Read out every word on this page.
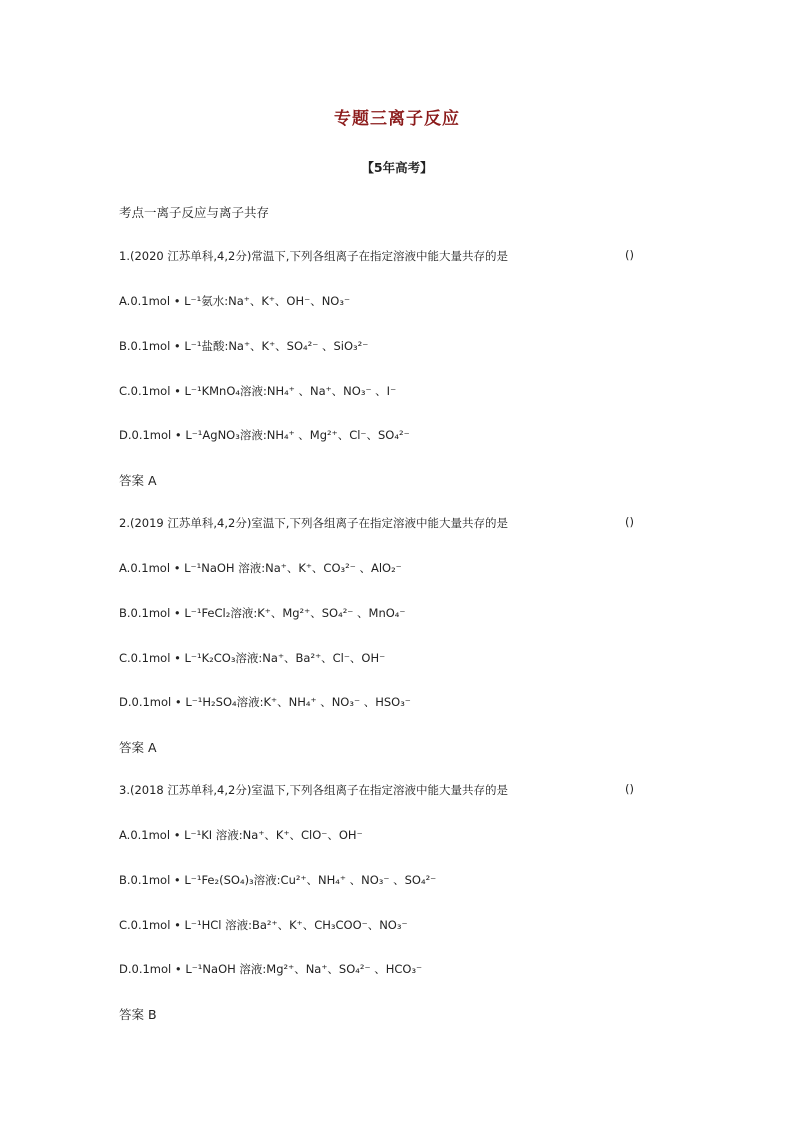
专题三离子反应
【5年高考】
考点一离子反应与离子共存
1.(2020 江苏单科,4,2分)常温下,下列各组离子在指定溶液中能大量共存的是	()
A.0.1mol • L⁻¹氨水:Na⁺、K⁺、OH⁻、NO₃⁻
B.0.1mol • L⁻¹盐酸:Na⁺、K⁺、SO₄²⁻ 、SiO₃²⁻
C.0.1mol • L⁻¹KMnO₄溶液:NH₄⁺ 、Na⁺、NO₃⁻ 、I⁻
D.0.1mol • L⁻¹AgNO₃溶液:NH₄⁺ 、Mg²⁺、Cl⁻、SO₄²⁻
答案 A
2.(2019 江苏单科,4,2分)室温下,下列各组离子在指定溶液中能大量共存的是	()
A.0.1mol • L⁻¹NaOH 溶液:Na⁺、K⁺、CO₃²⁻ 、AlO₂⁻
B.0.1mol • L⁻¹FeCl₂溶液:K⁺、Mg²⁺、SO₄²⁻ 、MnO₄⁻
C.0.1mol • L⁻¹K₂CO₃溶液:Na⁺、Ba²⁺、Cl⁻、OH⁻
D.0.1mol • L⁻¹H₂SO₄溶液:K⁺、NH₄⁺ 、NO₃⁻ 、HSO₃⁻
答案 A
3.(2018 江苏单科,4,2分)室温下,下列各组离子在指定溶液中能大量共存的是	()
A.0.1mol • L⁻¹KI 溶液:Na⁺、K⁺、ClO⁻、OH⁻
B.0.1mol • L⁻¹Fe₂(SO₄)₃溶液:Cu²⁺、NH₄⁺ 、NO₃⁻ 、SO₄²⁻
C.0.1mol • L⁻¹HCl 溶液:Ba²⁺、K⁺、CH₃COO⁻、NO₃⁻
D.0.1mol • L⁻¹NaOH 溶液:Mg²⁺、Na⁺、SO₄²⁻ 、HCO₃⁻
答案 B
